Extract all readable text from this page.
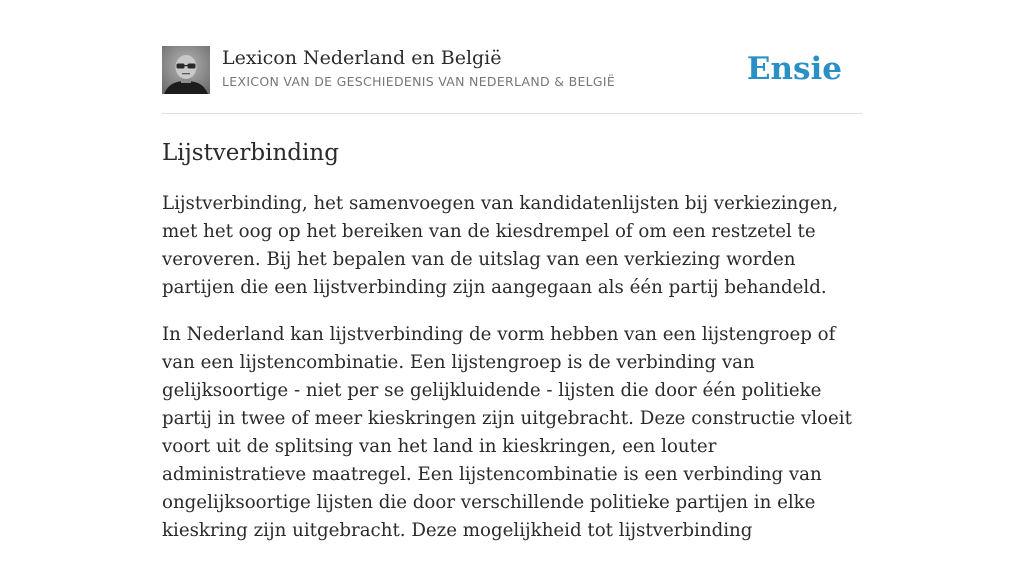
Lexicon Nederland en België
LEXICON VAN DE GESCHIEDENIS VAN NEDERLAND & BELGIË	Ensie
Lijstverbinding

Lijstverbinding, het samenvoegen van kandidatenlijsten bij verkiezingen, met het oog op het bereiken van de kiesdrempel of om een restzetel te veroveren. Bij het bepalen van de uitslag van een verkiezing worden partijen die een lijstverbinding zijn aangegaan als één partij behandeld.

In Nederland kan lijstverbinding de vorm hebben van een lijstengroep of van een lijstencombinatie. Een lijstengroep is de verbinding van gelijksoortige - niet per se gelijkluidende - lijsten die door één politieke partij in twee of meer kieskringen zijn uitgebracht. Deze constructie vloeit voort uit de splitsing van het land in kieskringen, een louter administratieve maatregel. Een lijstencombinatie is een verbinding van ongelijksoortige lijsten die door verschillende politieke partijen in elke kieskring zijn uitgebracht. Deze mogelijkheid tot lijstverbinding
